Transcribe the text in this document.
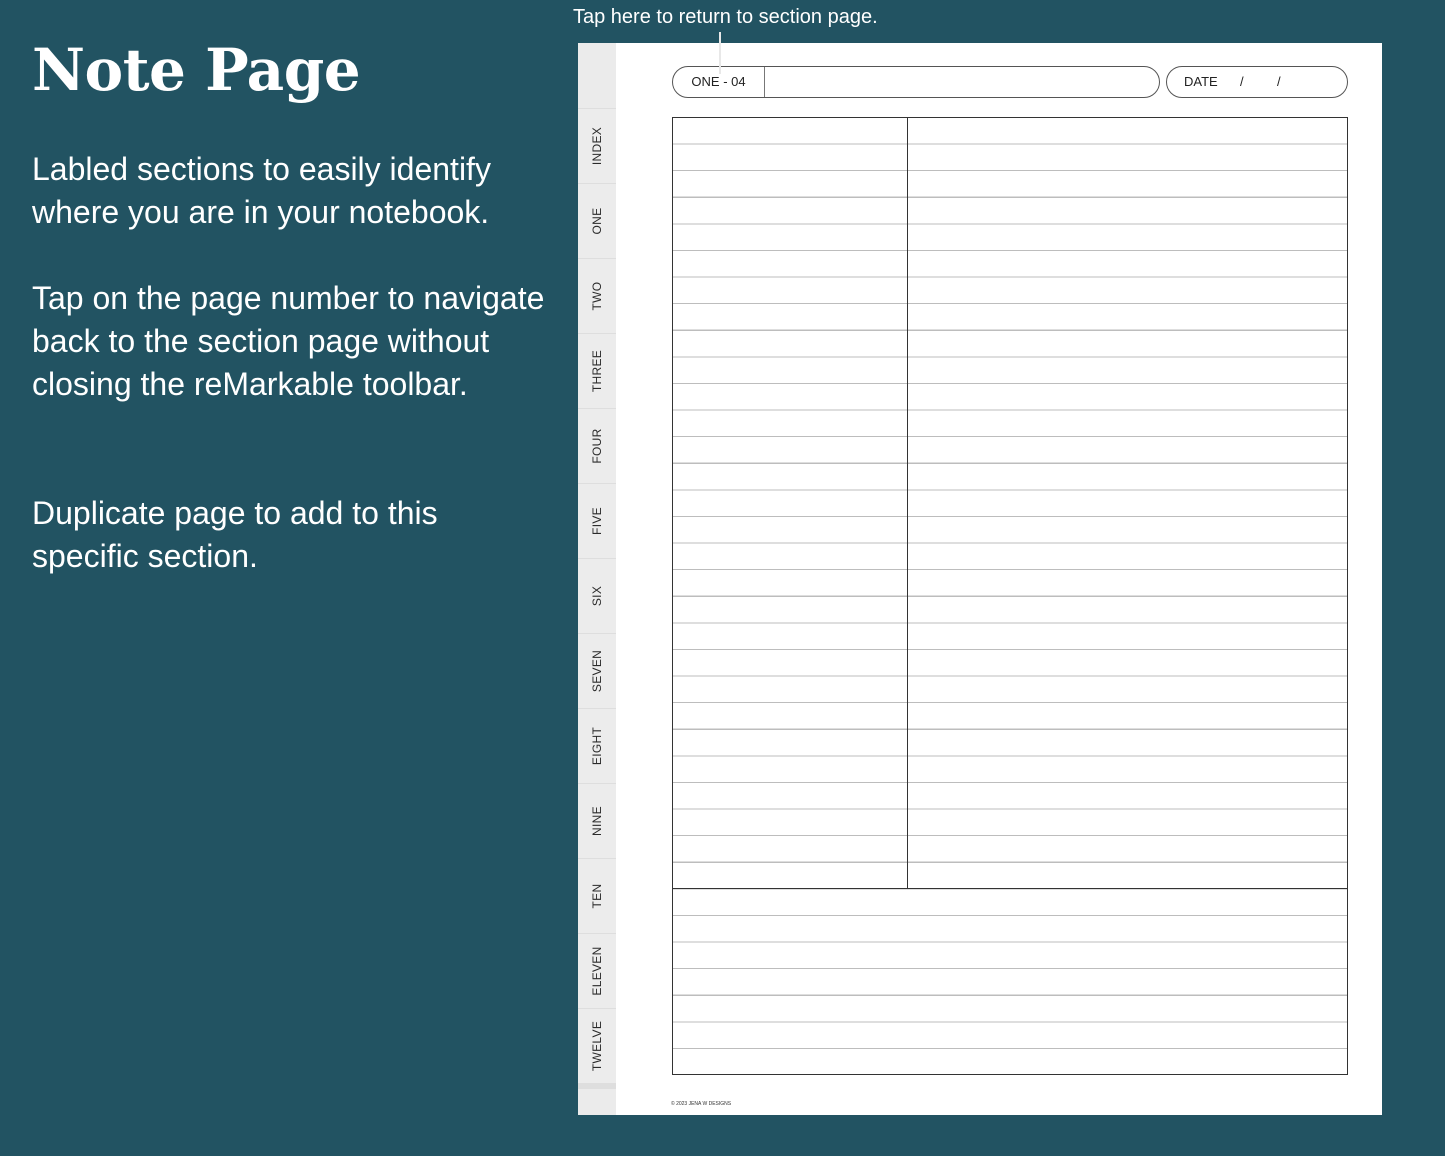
Note Page

Labled sections to easily identify where you are in your notebook.

Tap on the page number to navigate back to the section page without closing the reMarkable toolbar.

Duplicate page to add to this specific section.

Tap here to return to section page.
INDEX
ONE
TWO
THREE
FOUR
FIVE
SIX
SEVEN
EIGHT
NINE
TEN
ELEVEN
TWELVE
ONE - 04	DATE /	/
© 2023 JENA W DESIGNS
